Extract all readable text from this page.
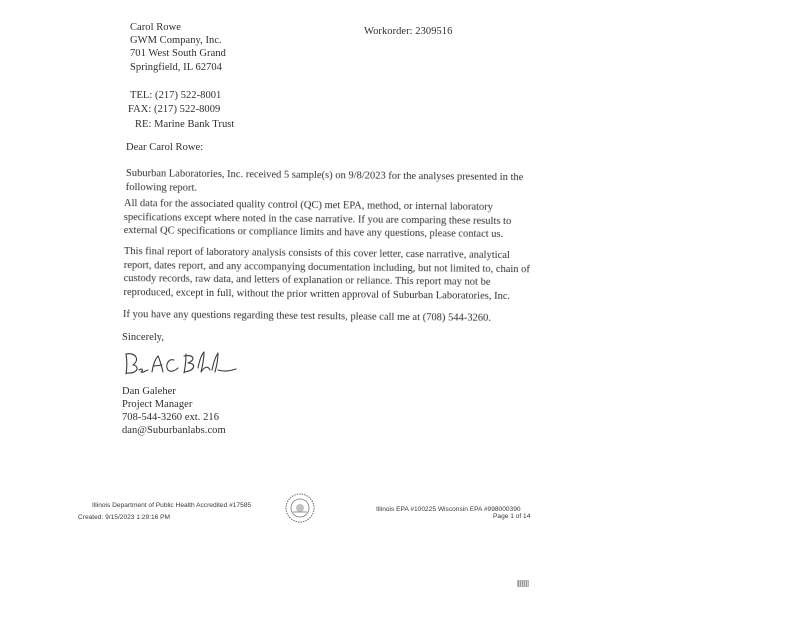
Carol Rowe
GWM Company, Inc.
701 West South Grand
Springfield, IL 62704
Workorder: 2309516
TEL: (217) 522-8001
FAX: (217) 522-8009
RE: Marine Bank Trust
Dear Carol Rowe:
Suburban Laboratories, Inc. received 5 sample(s) on 9/8/2023 for the analyses presented in the
following report.
All data for the associated quality control (QC) met EPA, method, or internal laboratory
specifications except where noted in the case narrative. If you are comparing these results to
external QC specifications or compliance limits and have any questions, please contact us.
This final report of laboratory analysis consists of this cover letter, case narrative, analytical
report, dates report, and any accompanying documentation including, but not limited to, chain of
custody records, raw data, and letters of explanation or reliance. This report may not be
reproduced, except in full, without the prior written approval of Suburban Laboratories, Inc.
If you have any questions regarding these test results, please call me at (708) 544-3260.
Sincerely,
Dan Galeher
Project Manager
708-544-3260 ext. 216
dan@Suburbanlabs.com
Illinois Department of Public Health Accredited #17585
Created: 9/15/2023 1:29:16 PM
Illinois EPA #100225 Wisconsin EPA #998000390
Page 1 of 14
